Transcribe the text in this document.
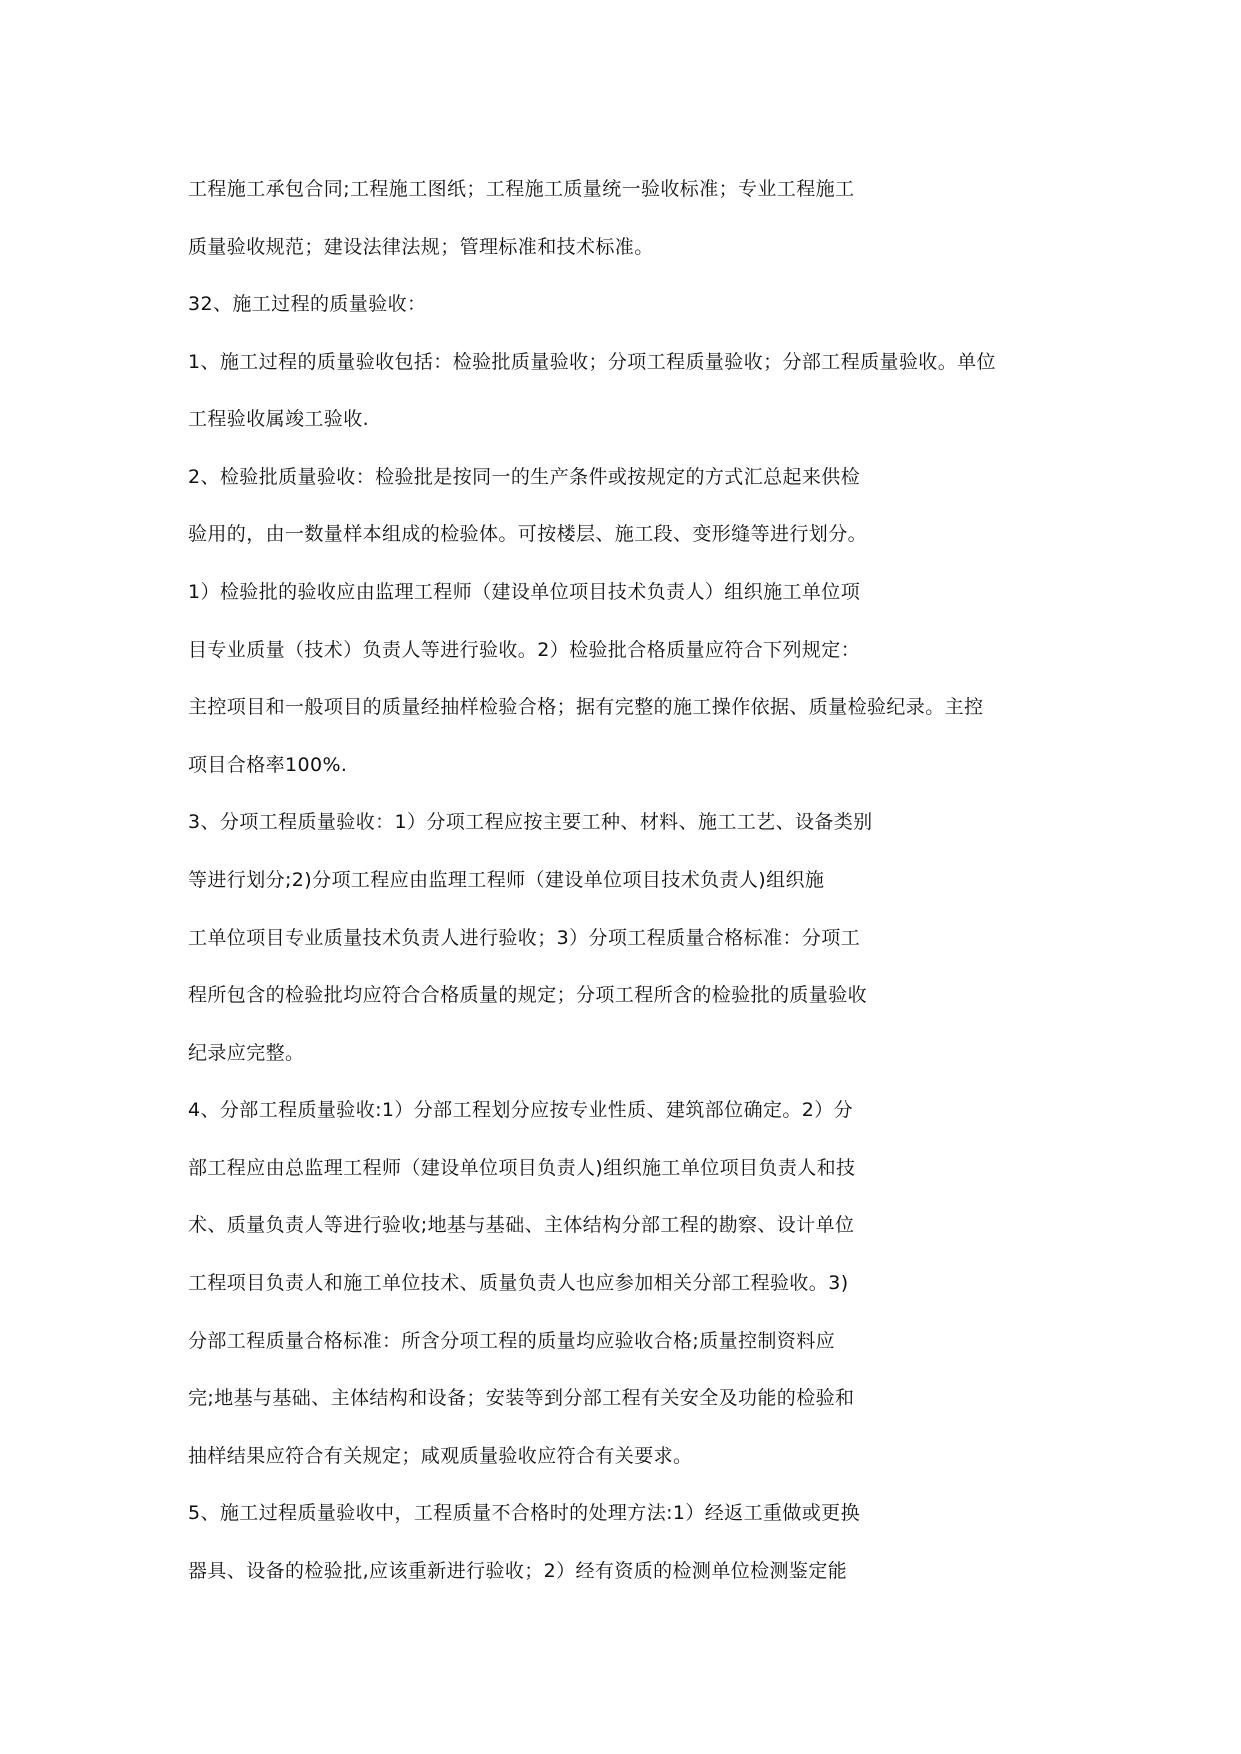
工程施工承包合同;工程施工图纸；工程施工质量统一验收标准；专业工程施工
质量验收规范；建设法律法规；管理标准和技术标准。
32、施工过程的质量验收：
1、施工过程的质量验收包括：检验批质量验收；分项工程质量验收；分部工程质量验收。单位
工程验收属竣工验收.
2、检验批质量验收：检验批是按同一的生产条件或按规定的方式汇总起来供检
验用的，由一数量样本组成的检验体。可按楼层、施工段、变形缝等进行划分。
1）检验批的验收应由监理工程师（建设单位项目技术负责人）组织施工单位项
目专业质量（技术）负责人等进行验收。2）检验批合格质量应符合下列规定：
主控项目和一般项目的质量经抽样检验合格；据有完整的施工操作依据、质量检验纪录。主控
项目合格率100%.
3、分项工程质量验收：1）分项工程应按主要工种、材料、施工工艺、设备类别
等进行划分;2)分项工程应由监理工程师（建设单位项目技术负责人)组织施
工单位项目专业质量技术负责人进行验收；3）分项工程质量合格标准：分项工
程所包含的检验批均应符合合格质量的规定；分项工程所含的检验批的质量验收
纪录应完整。
4、分部工程质量验收:1）分部工程划分应按专业性质、建筑部位确定。2）分
部工程应由总监理工程师（建设单位项目负责人)组织施工单位项目负责人和技
术、质量负责人等进行验收;地基与基础、主体结构分部工程的勘察、设计单位
工程项目负责人和施工单位技术、质量负责人也应参加相关分部工程验收。3)
分部工程质量合格标准：所含分项工程的质量均应验收合格;质量控制资料应
完;地基与基础、主体结构和设备；安装等到分部工程有关安全及功能的检验和
抽样结果应符合有关规定；咸观质量验收应符合有关要求。
5、施工过程质量验收中，工程质量不合格时的处理方法:1）经返工重做或更换
器具、设备的检验批,应该重新进行验收；2）经有资质的检测单位检测鉴定能
